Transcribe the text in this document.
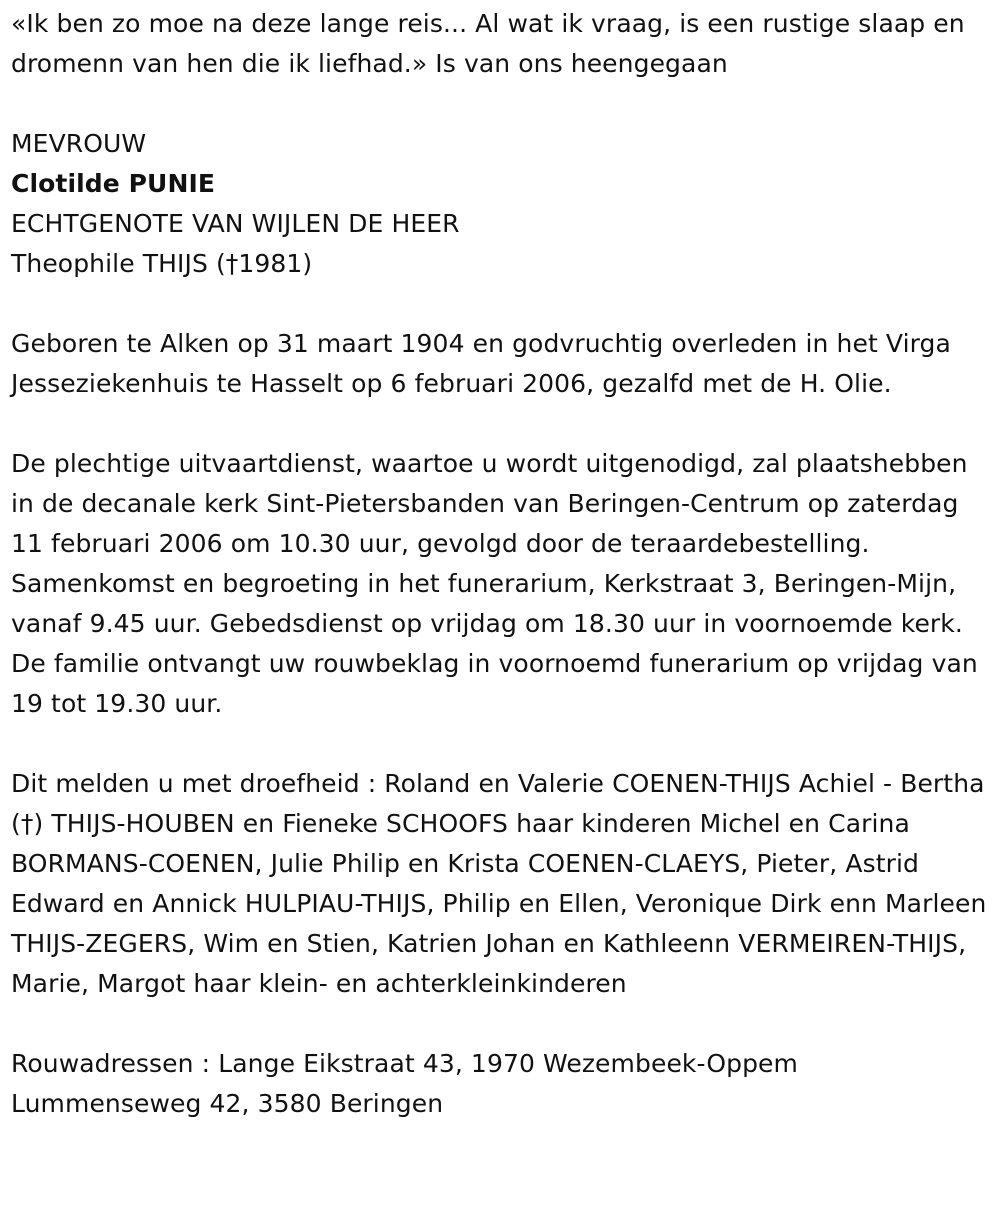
«Ik ben zo moe na deze lange reis... Al wat ik vraag, is een rustige slaap en dromenn van hen die ik liefhad.» Is van ons heengegaan

MEVROUW

Clotilde PUNIE

ECHTGENOTE VAN WIJLEN DE HEER

Theophile THIJS (†1981)

Geboren te Alken op 31 maart 1904 en godvruchtig overleden in het Virga Jesseziekenhuis te Hasselt op 6 februari 2006, gezalfd met de H. Olie.

De plechtige uitvaartdienst, waartoe u wordt uitgenodigd, zal plaatshebben in de decanale kerk Sint-Pietersbanden van Beringen-Centrum op zaterdag 11 februari 2006 om 10.30 uur, gevolgd door de teraardebestelling. Samenkomst en begroeting in het funerarium, Kerkstraat 3, Beringen-Mijn, vanaf 9.45 uur. Gebedsdienst op vrijdag om 18.30 uur in voornoemde kerk. De familie ontvangt uw rouwbeklag in voornoemd funerarium op vrijdag van 19 tot 19.30 uur.

Dit melden u met droefheid : Roland en Valerie COENEN-THIJS Achiel - Bertha (†) THIJS-HOUBEN en Fieneke SCHOOFS haar kinderen Michel en Carina BORMANS-COENEN, Julie Philip en Krista COENEN-CLAEYS, Pieter, Astrid Edward en Annick HULPIAU-THIJS, Philip en Ellen, Veronique Dirk enn Marleen THIJS-ZEGERS, Wim en Stien, Katrien Johan en Kathleenn VERMEIREN-THIJS, Marie, Margot haar klein- en achterkleinkinderen

Rouwadressen : Lange Eikstraat 43, 1970 Wezembeek-Oppem

Lummenseweg 42, 3580 Beringen
